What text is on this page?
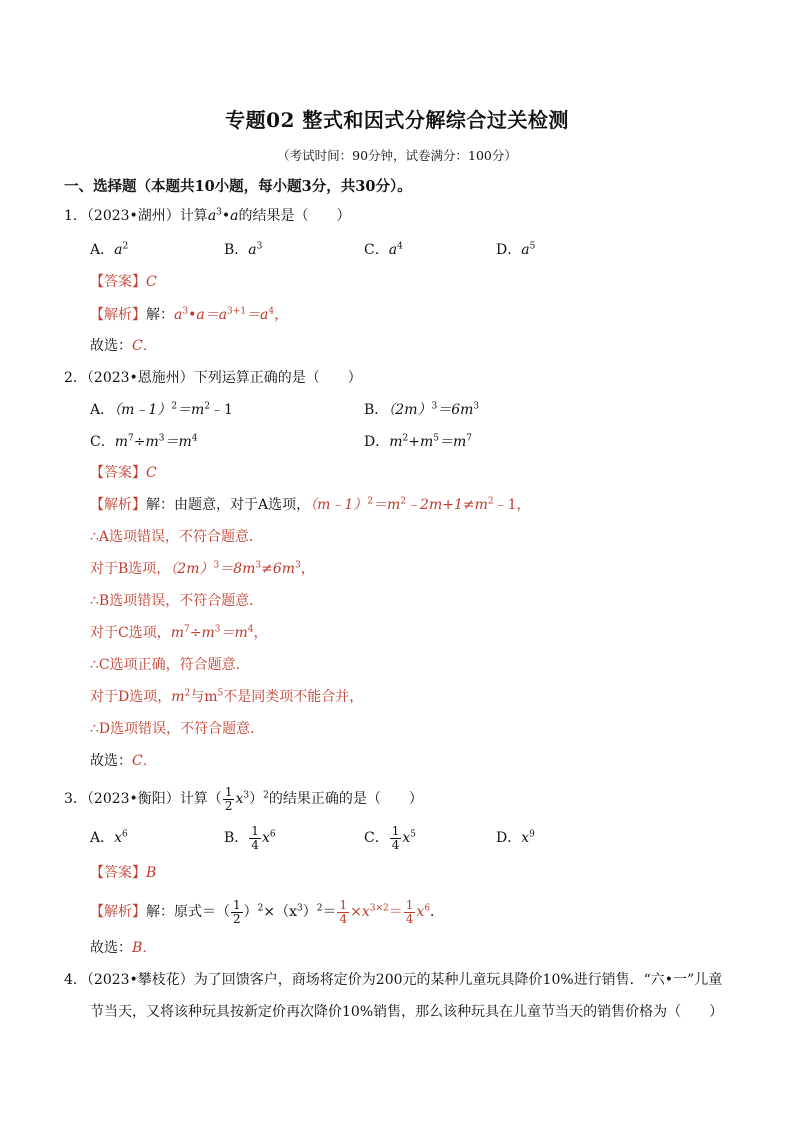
专题02 整式和因式分解综合过关检测
（考试时间：90分钟，试卷满分：100分）
一、选择题（本题共10小题，每小题3分，共30分）。
1．（2023•湖州）计算$a^3•a$的结果是（　　）
A．$a^2$	B．$a^3$	C．$a^4$	D．$a^5$
【答案】C
【解析】解：$a^3•a=a^{3+1}=a^4$，
故选：C．
2．（2023•恩施州）下列运算正确的是（　　）
A．$(m﹣1)^2=m^2﹣1$	B．$(2m)^3=6m^3$
C．$m^7\div m^3=m^4$	D．$m^2+m^5=m^7$
【答案】C
【解析】解：由题意，对于A选项，$(m﹣1)^2=m^2﹣2m+1\ne m^2﹣1$，
∴A选项错误，不符合题意．
对于B选项，$(2m)^3=8m^3\ne 6m^3$，
∴B选项错误，不符合题意．
对于C选项，$m^7\div m^3=m^4$，
∴C选项正确，符合题意．
对于D选项，$m^2$与$m^5$不是同类项不能合并，
∴D选项错误，不符合题意．
故选：C．
3．（2023•衡阳）计算（ $\frac{1}{2} x^3)^2$的结果正确的是（　　）
A．$x^6$	B． $\frac{1}{4} x^6$	C． $\frac{1}{4} x^5$	D．$x^9$
【答案】B
【解析】解：原式＝（ $\frac{1}{2} )^2\times(x^3)^2= \frac{1}{4} \times x^{3\times 2}= \frac{1}{4} x^6$．
故选：B．
4．（2023•攀枝花）为了回馈客户，商场将定价为200元的某种儿童玩具降价10%进行销售．“六•一”儿童
节当天，又将该种玩具按新定价再次降价10%销售，那么该种玩具在儿童节当天的销售价格为（　　）
